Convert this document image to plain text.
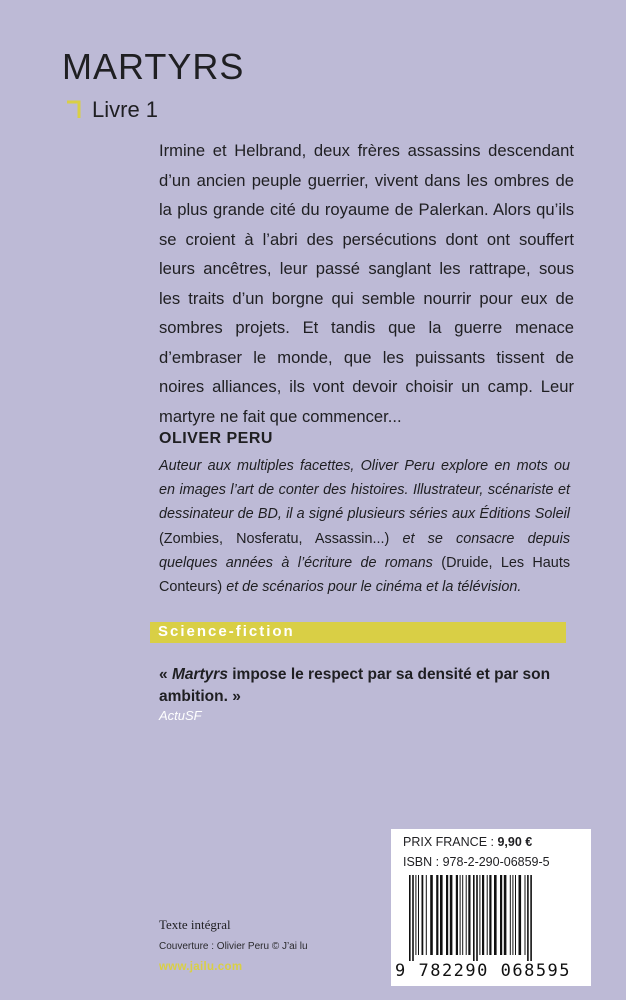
MARTYRS
Livre 1
Irmine et Helbrand, deux frères assassins descendant d’un ancien peuple guerrier, vivent dans les ombres de la plus grande cité du royaume de Palerkan. Alors qu’ils se croient à l’abri des persécutions dont ont souffert leurs ancêtres, leur passé sanglant les rattrape, sous les traits d’un borgne qui semble nourrir pour eux de sombres projets. Et tandis que la guerre menace d’embraser le monde, que les puissants tissent de noires alliances, ils vont devoir choisir un camp. Leur martyre ne fait que commencer...
OLIVER PERU
Auteur aux multiples facettes, Oliver Peru explore en mots ou en images l’art de conter des histoires. Illustrateur, scénariste et dessinateur de BD, il a signé plusieurs séries aux Éditions Soleil (Zombies, Nosferatu, Assassin...) et se consacre depuis quelques années à l’écriture de romans (Druide, Les Hauts Conteurs) et de scénarios pour le cinéma et la télévision.
Science-fiction
« Martyrs impose le respect par sa densité et par son ambition. »
ActuSF
PRIX FRANCE : 9,90 €
ISBN : 978-2-290-06859-5
9 782290 068595
Texte intégral
Couverture : Olivier Peru © J’ai lu
www.jailu.com
